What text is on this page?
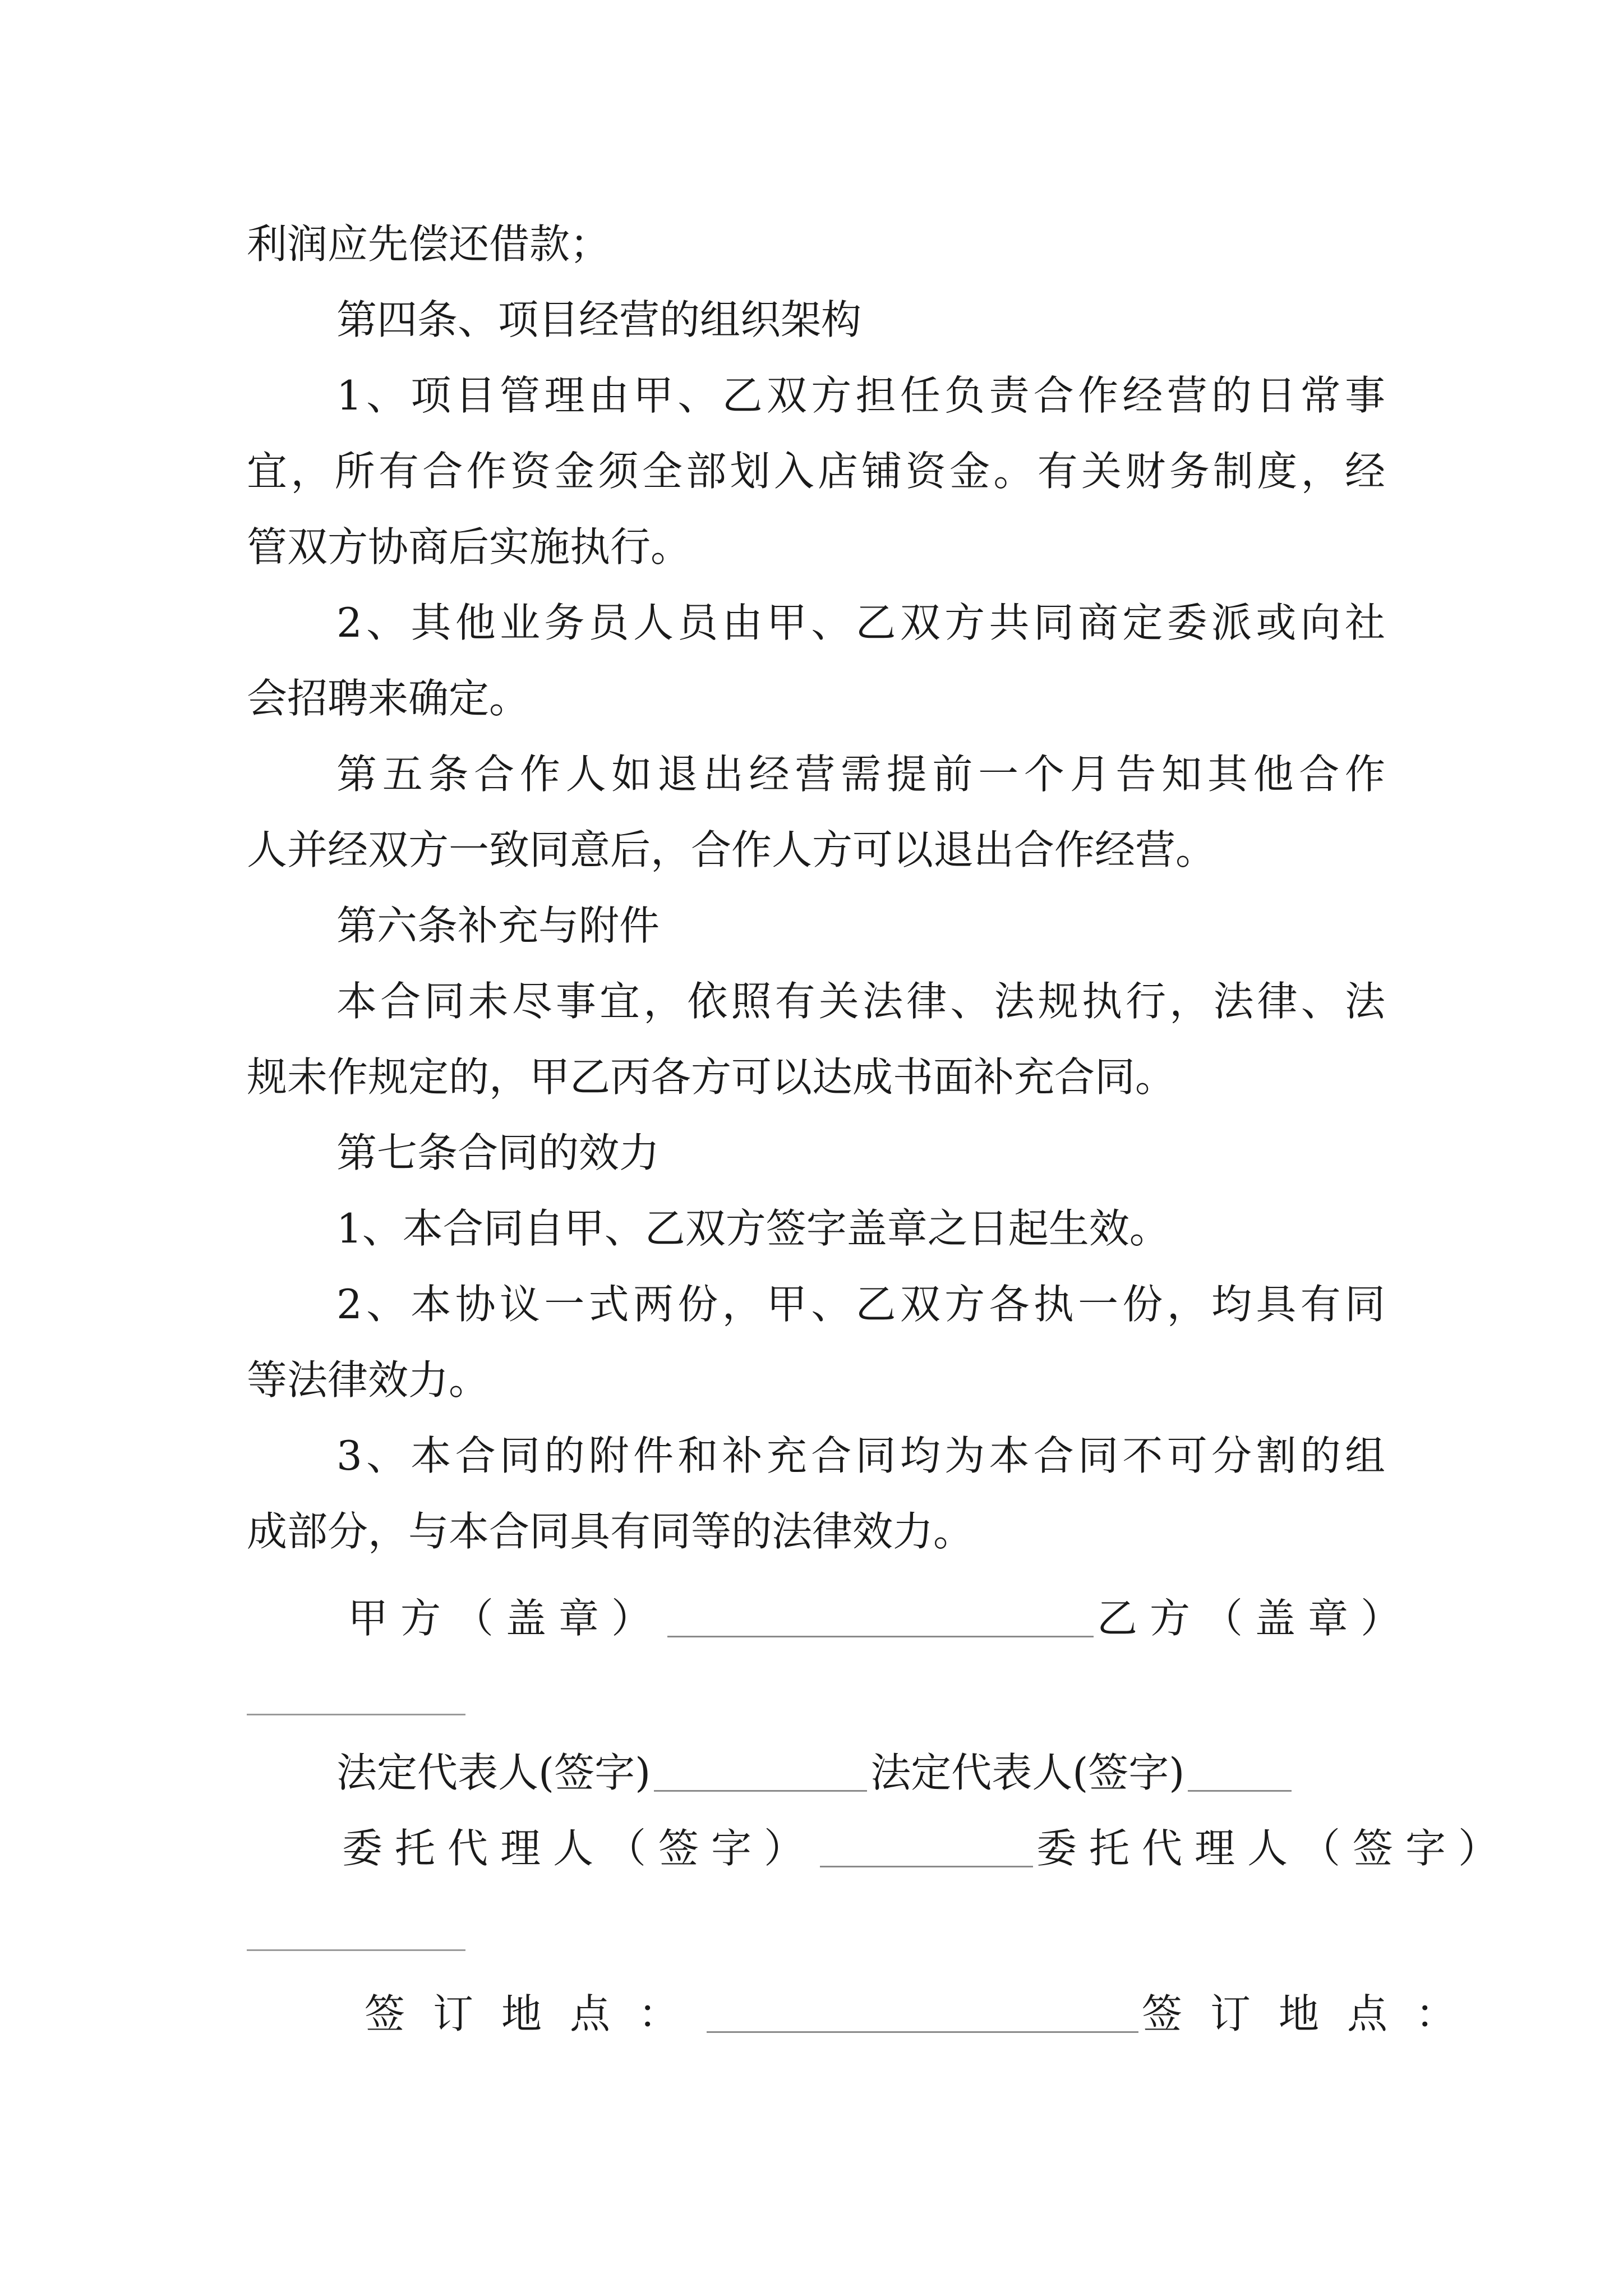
利润应先偿还借款；
第四条、项目经营的组织架构
1、项目管理由甲、乙双方担任负责合作经营的日常事
宜，所有合作资金须全部划入店铺资金。有关财务制度，经
管双方协商后实施执行。
2、其他业务员人员由甲、乙双方共同商定委派或向社
会招聘来确定。
第五条合作人如退出经营需提前一个月告知其他合作
人并经双方一致同意后，合作人方可以退出合作经营。
第六条补充与附件
本合同未尽事宜，依照有关法律、法规执行，法律、法
规未作规定的，甲乙丙各方可以达成书面补充合同。
第七条合同的效力
1、本合同自甲、乙双方签字盖章之日起生效。
2、本协议一式两份，甲、乙双方各执一份，均具有同
等法律效力。
3、本合同的附件和补充合同均为本合同不可分割的组
成部分，与本合同具有同等的法律效力。
甲方（盖章）	乙方（盖章）
法定代表人(签字)	法定代表人(签字)
委托代理人（签字）	委托代理人（签字）
签订地点：	签订地点：
